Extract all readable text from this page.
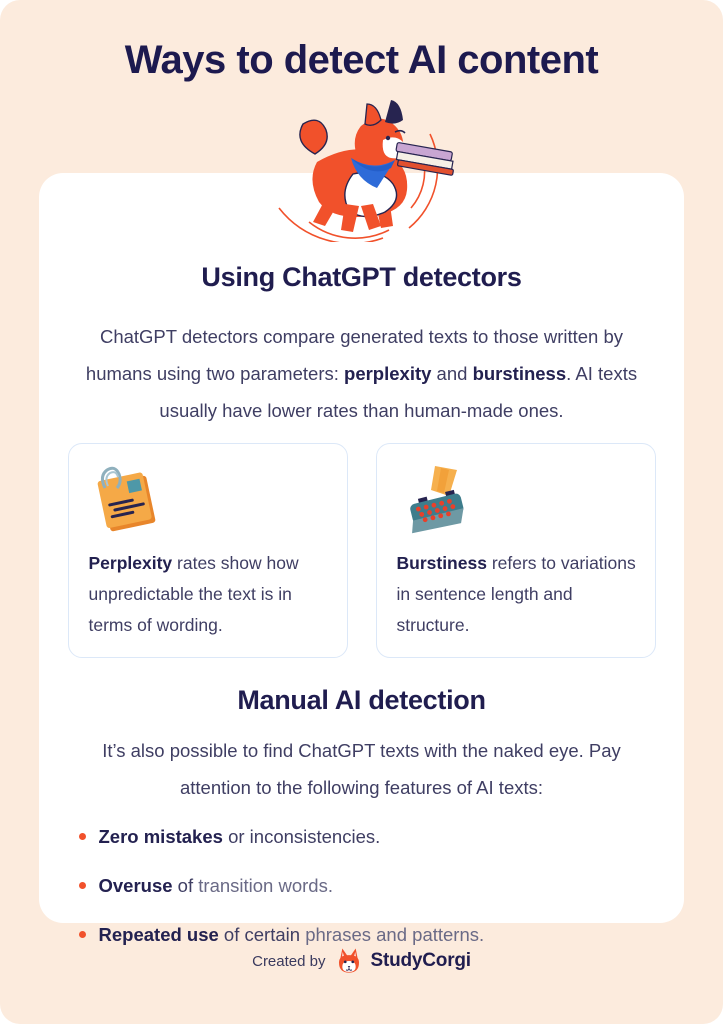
Ways to detect AI content
Using ChatGPT detectors

ChatGPT detectors compare generated texts to those written by humans using two parameters: perplexity and burstiness. AI texts usually have lower rates than human-made ones.

Perplexity rates show how unpredictable the text is in terms of wording.
Burstiness refers to variations in sentence length and structure.
Manual AI detection

It’s also possible to find ChatGPT texts with the naked eye. Pay attention to the following features of AI texts:

Zero mistakes or inconsistencies.
Overuse of transition words.
Repeated use of certain phrases and patterns.
Created by StudyCorgi
